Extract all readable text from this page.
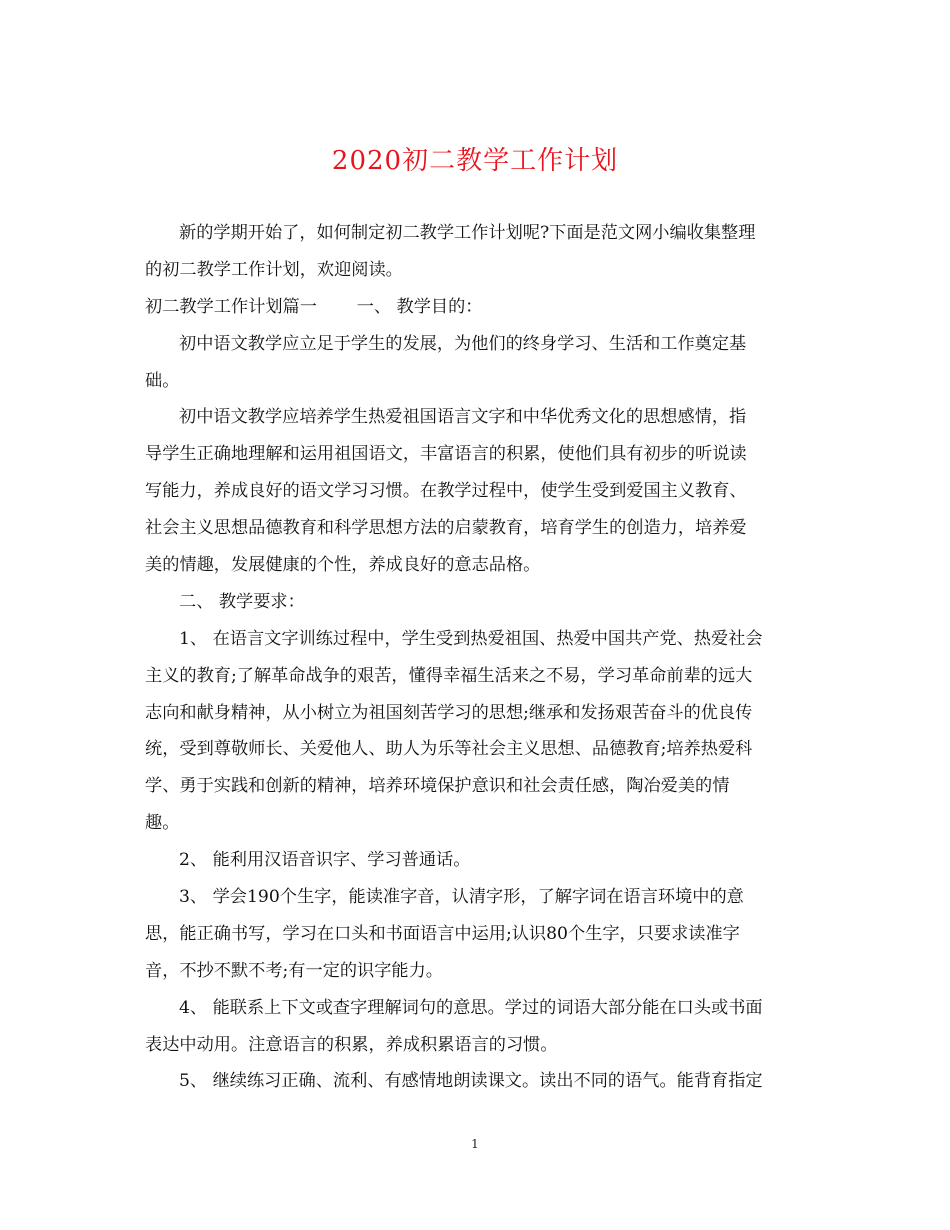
2020初二教学工作计划
新的学期开始了，如何制定初二教学工作计划呢?下面是范文网小编收集整理
的初二教学工作计划，欢迎阅读。
初二教学工作计划篇一　　 一、 教学目的：
初中语文教学应立足于学生的发展，为他们的终身学习、生活和工作奠定基
础。
初中语文教学应培养学生热爱祖国语言文字和中华优秀文化的思想感情，指
导学生正确地理解和运用祖国语文，丰富语言的积累，使他们具有初步的听说读
写能力，养成良好的语文学习习惯。在教学过程中，使学生受到爱国主义教育、
社会主义思想品德教育和科学思想方法的启蒙教育，培育学生的创造力，培养爱
美的情趣，发展健康的个性，养成良好的意志品格。
二、 教学要求：
1、 在语言文字训练过程中，学生受到热爱祖国、热爱中国共产党、热爱社会
主义的教育;了解革命战争的艰苦，懂得幸福生活来之不易，学习革命前辈的远大
志向和献身精神，从小树立为祖国刻苦学习的思想;继承和发扬艰苦奋斗的优良传
统，受到尊敬师长、关爱他人、助人为乐等社会主义思想、品德教育;培养热爱科
学、勇于实践和创新的精神，培养环境保护意识和社会责任感，陶冶爱美的情
趣。
2、 能利用汉语音识字、学习普通话。
3、 学会190个生字，能读准字音，认清字形，了解字词在语言环境中的意
思，能正确书写，学习在口头和书面语言中运用;认识80个生字，只要求读准字
音，不抄不默不考;有一定的识字能力。
4、 能联系上下文或查字理解词句的意思。学过的词语大部分能在口头或书面
表达中动用。注意语言的积累，养成积累语言的习惯。
5、 继续练习正确、流利、有感情地朗读课文。读出不同的语气。能背育指定
1
